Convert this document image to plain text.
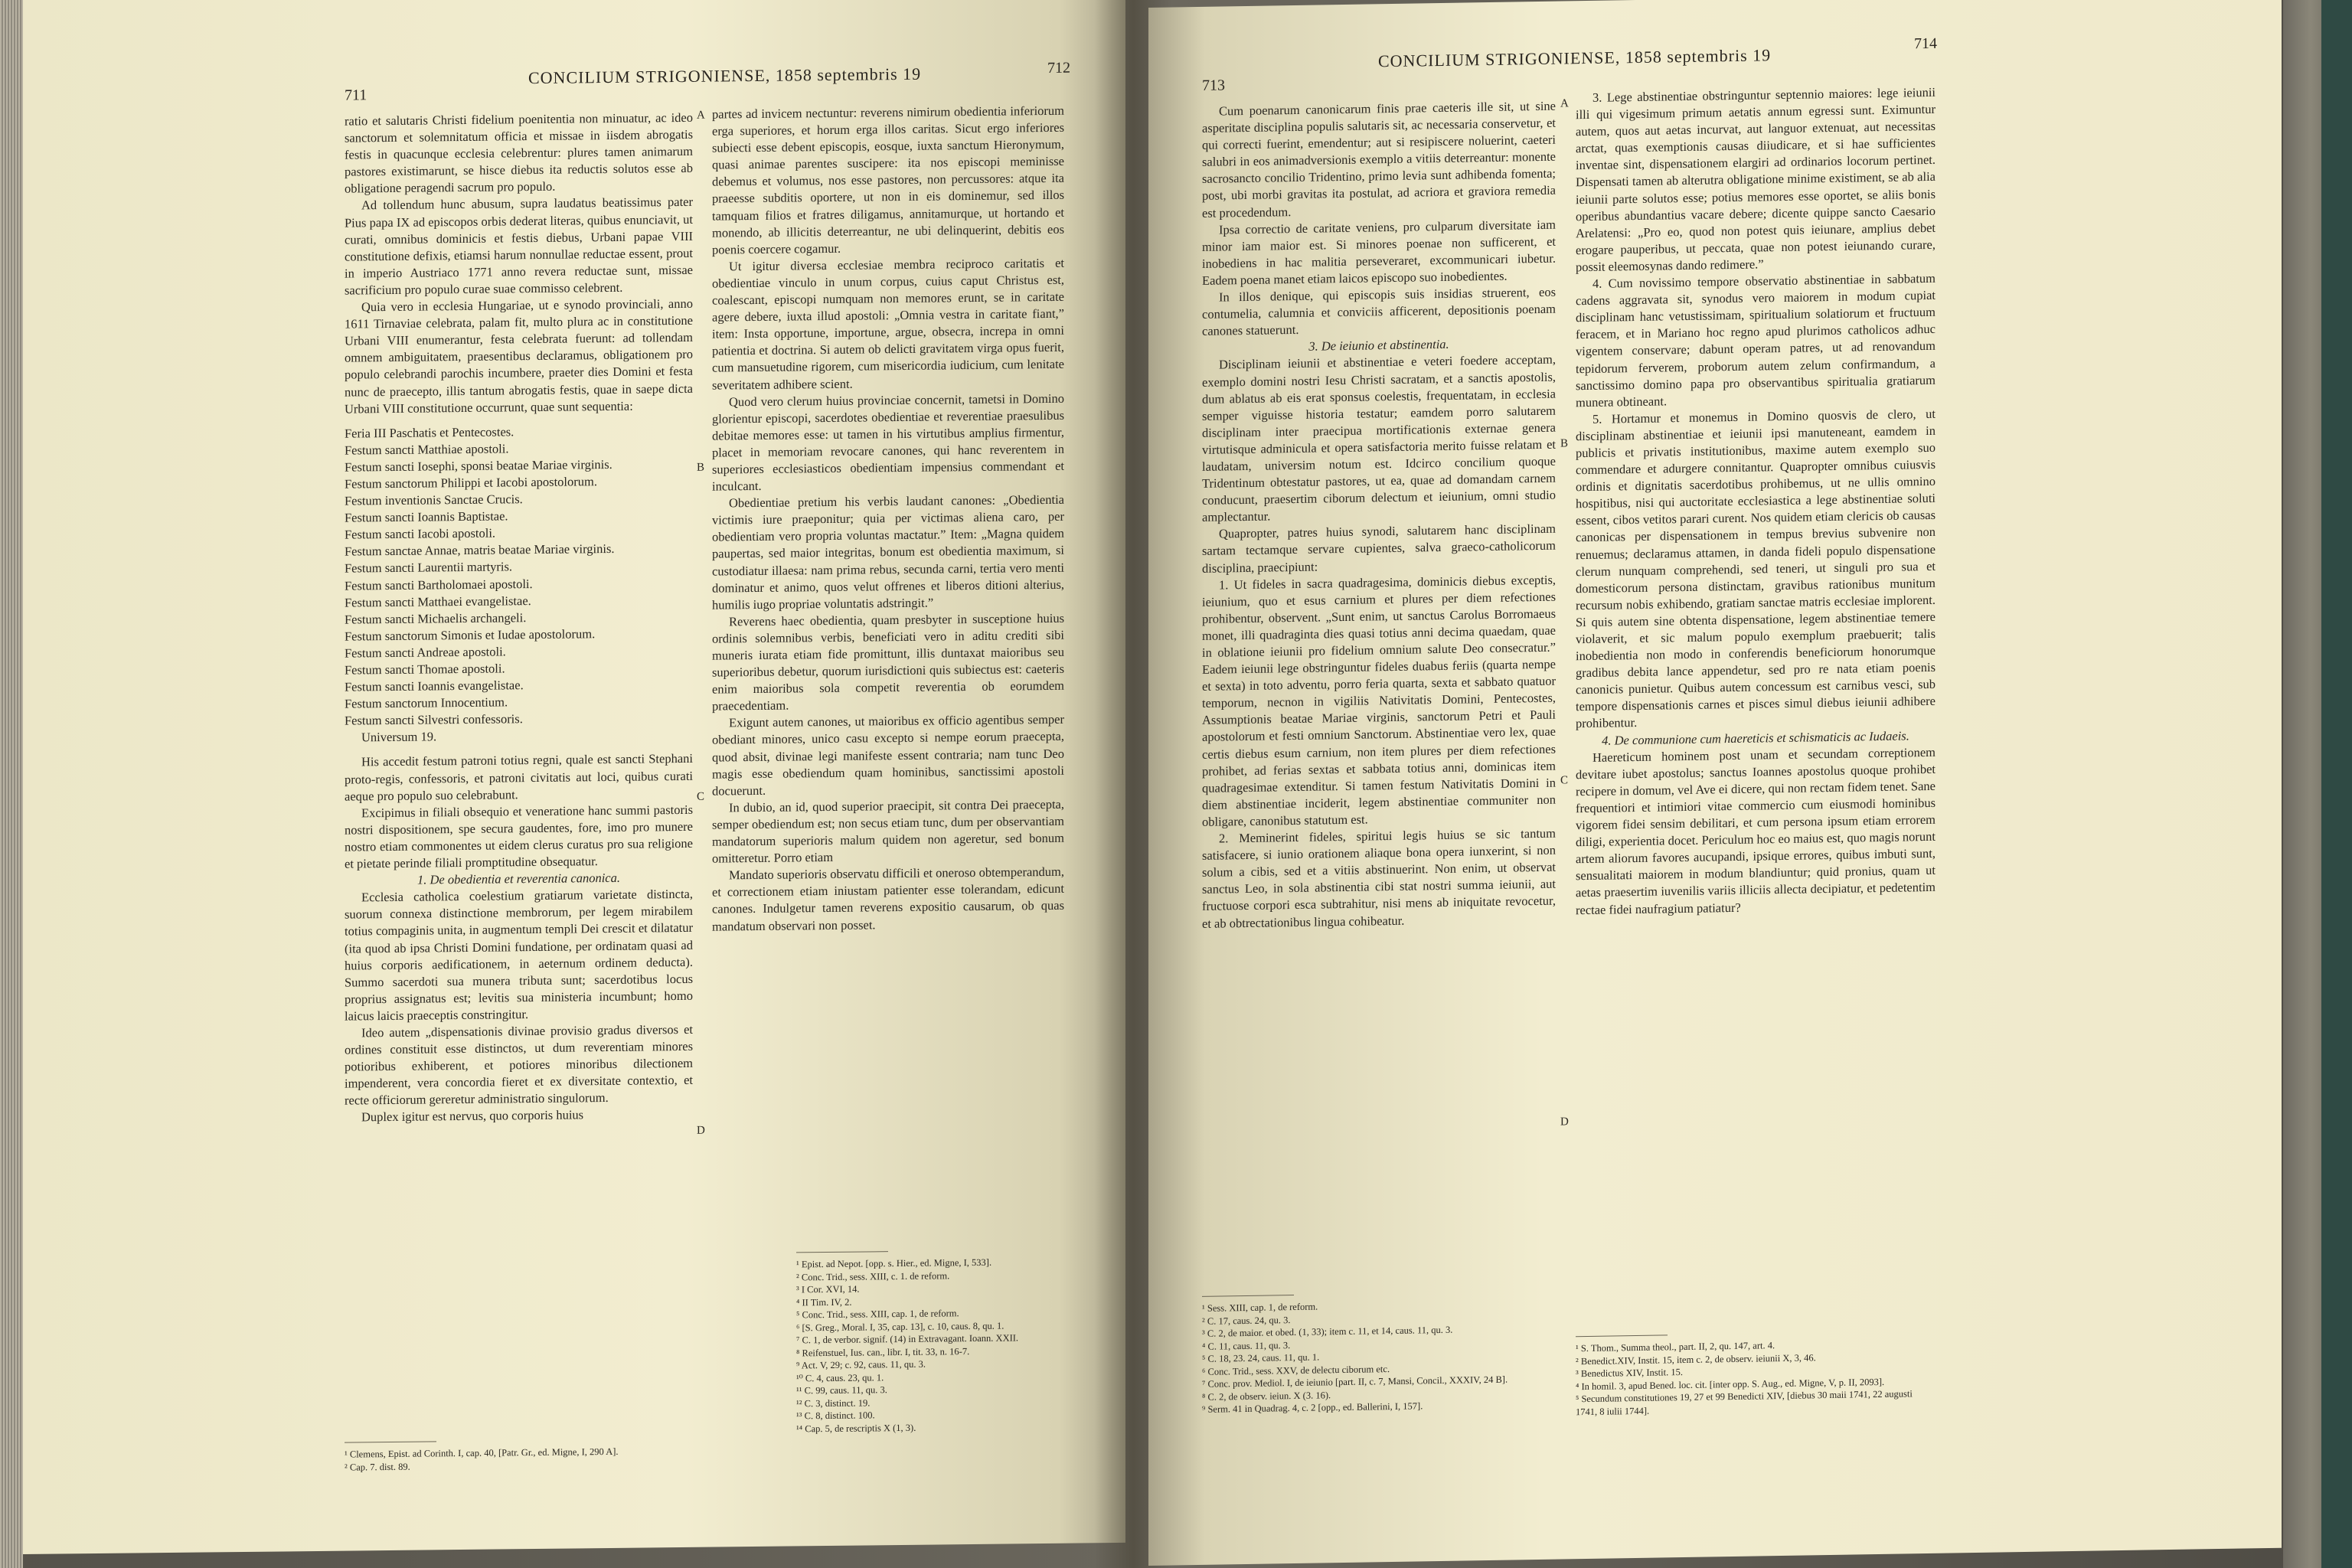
711
CONCILIUM STRIGONIENSE, 1858 septembris 19	712
A
B
C
D

ratio et salutaris Christi fidelium poenitentia non minuatur, ac ideo sanctorum et solemnitatum officia et missae in iisdem abrogatis festis in quacunque ecclesia celebrentur: plures tamen animarum pastores existimarunt, se hisce diebus ita reductis solutos esse ab obligatione peragendi sacrum pro populo.

Ad tollendum hunc abusum, supra laudatus beatissimus pater Pius papa IX ad episcopos orbis dederat literas, quibus enunciavit, ut curati, omnibus dominicis et festis diebus, Urbani papae VIII constitutione defixis, etiamsi harum nonnullae reductae essent, prout in imperio Austriaco 1771 anno revera reductae sunt, missae sacrificium pro populo curae suae commisso celebrent.

Quia vero in ecclesia Hungariae, ut e synodo provinciali, anno 1611 Tirnaviae celebrata, palam fit, multo plura ac in constitutione Urbani VIII enumerantur, festa celebrata fuerunt: ad tollendam omnem ambiguitatem, praesentibus declaramus, obligationem pro populo celebrandi parochis incumbere, praeter dies Domini et festa nunc de praecepto, illis tantum abrogatis festis, quae in saepe dicta Urbani VIII constitutione occurrunt, quae sunt sequentia:

Feria III Paschatis et Pentecostes.
Festum sancti Matthiae apostoli.
Festum sancti Iosephi, sponsi beatae Mariae virginis.
Festum sanctorum Philippi et Iacobi apostolorum.
Festum inventionis Sanctae Crucis.
Festum sancti Ioannis Baptistae.
Festum sancti Iacobi apostoli.
Festum sanctae Annae, matris beatae Mariae virginis.
Festum sancti Laurentii martyris.
Festum sancti Bartholomaei apostoli.
Festum sancti Matthaei evangelistae.
Festum sancti Michaelis archangeli.
Festum sanctorum Simonis et Iudae apostolorum.
Festum sancti Andreae apostoli.
Festum sancti Thomae apostoli.
Festum sancti Ioannis evangelistae.
Festum sanctorum Innocentium.
Festum sancti Silvestri confessoris.
Universum 19.

His accedit festum patroni totius regni, quale est sancti Stephani proto-regis, confessoris, et patroni civitatis aut loci, quibus curati aeque pro populo suo celebrabunt.

Excipimus in filiali obsequio et veneratione hanc summi pastoris nostri dispositionem, spe secura gaudentes, fore, imo pro munere nostro etiam commonentes ut eidem clerus curatus pro sua religione et pietate perinde filiali promptitudine obsequatur.

1. De obedientia et reverentia canonica.

Ecclesia catholica coelestium gratiarum varietate distincta, suorum connexa distinctione membrorum, per legem mirabilem totius compaginis unita, in augmentum templi Dei crescit et dilatatur (ita quod ab ipsa Christi Domini fundatione, per ordinatam quasi ad huius corporis aedificationem, in aeternum ordinem deducta). Summo sacerdoti sua munera tributa sunt; sacerdotibus locus proprius assignatus est; levitis sua ministeria incumbunt; homo laicus laicis praeceptis constringitur.

Ideo autem „dispensationis divinae provisio gradus diversos et ordines constituit esse distinctos, ut dum reverentiam minores potioribus exhiberent, et potiores minoribus dilectionem impenderent, vera concordia fieret et ex diversitate contextio, et recte officiorum gereretur administratio singulorum.

Duplex igitur est nervus, quo corporis huius

¹ Clemens, Epist. ad Corinth. I, cap. 40, [Patr. Gr., ed. Migne, I, 290 A].
² Cap. 7. dist. 89.

partes ad invicem nectuntur: reverens nimirum obedientia inferiorum erga superiores, et horum erga illos caritas. Sicut ergo inferiores subiecti esse debent episcopis, eosque, iuxta sanctum Hieronymum, quasi animae parentes suscipere: ita nos episcopi meminisse debemus et volumus, nos esse pastores, non percussores: atque ita praeesse subditis oportere, ut non in eis dominemur, sed illos tamquam filios et fratres diligamus, annitamurque, ut hortando et monendo, ab illicitis deterreantur, ne ubi delinquerint, debitis eos poenis coercere cogamur.

Ut igitur diversa ecclesiae membra reciproco caritatis et obedientiae vinculo in unum corpus, cuius caput Christus est, coalescant, episcopi numquam non memores erunt, se in caritate agere debere, iuxta illud apostoli: „Omnia vestra in caritate fiant,” item: Insta opportune, importune, argue, obsecra, increpa in omni patientia et doctrina. Si autem ob delicti gravitatem virga opus fuerit, cum mansuetudine rigorem, cum misericordia iudicium, cum lenitate severitatem adhibere scient.

Quod vero clerum huius provinciae concernit, tametsi in Domino glorientur episcopi, sacerdotes obedientiae et reverentiae praesulibus debitae memores esse: ut tamen in his virtutibus amplius firmentur, placet in memoriam revocare canones, qui hanc reverentem in superiores ecclesiasticos obedientiam impensius commendant et inculcant.

Obedientiae pretium his verbis laudant canones: „Obedientia victimis iure praeponitur; quia per victimas aliena caro, per obedientiam vero propria voluntas mactatur.” Item: „Magna quidem paupertas, sed maior integritas, bonum est obedientia maximum, si custodiatur illaesa: nam prima rebus, secunda carni, tertia vero menti dominatur et animo, quos velut offrenes et liberos ditioni alterius, humilis iugo propriae voluntatis adstringit.”

Reverens haec obedientia, quam presbyter in susceptione huius ordinis solemnibus verbis, beneficiati vero in aditu crediti sibi muneris iurata etiam fide promittunt, illis duntaxat maioribus seu superioribus debetur, quorum iurisdictioni quis subiectus est: caeteris enim maioribus sola competit reverentia ob eorumdem praecedentiam.

Exigunt autem canones, ut maioribus ex officio agentibus semper obediant minores, unico casu excepto si nempe eorum praecepta, quod absit, divinae legi manifeste essent contraria; nam tunc Deo magis esse obediendum quam hominibus, sanctissimi apostoli docuerunt.

In dubio, an id, quod superior praecipit, sit contra Dei praecepta, semper obediendum est; non secus etiam tunc, dum per observantiam mandatorum superioris malum quidem non ageretur, sed bonum omitteretur. Porro etiam

Mandato superioris observatu difficili et oneroso obtemperandum, et correctionem etiam iniustam patienter esse tolerandam, edicunt canones. Indulgetur tamen reverens expositio causarum, ob quas mandatum observari non posset.

¹ Epist. ad Nepot. [opp. s. Hier., ed. Migne, I, 533].
² Conc. Trid., sess. XIII, c. 1. de reform.
³ I Cor. XVI, 14.
⁴ II Tim. IV, 2.
⁵ Conc. Trid., sess. XIII, cap. 1, de reform.
⁶ [S. Greg., Moral. I, 35, cap. 13], c. 10, caus. 8, qu. 1.
⁷ C. 1, de verbor. signif. (14) in Extravagant. Ioann. XXII.
⁸ Reifenstuel, Ius. can., libr. I, tit. 33, n. 16-7.
⁹ Act. V, 29; c. 92, caus. 11, qu. 3.
¹⁰ C. 4, caus. 23, qu. 1.
¹¹ C. 99, caus. 11, qu. 3.
¹² C. 3, distinct. 19.
¹³ C. 8, distinct. 100.
¹⁴ Cap. 5, de rescriptis X (1, 3).
713
CONCILIUM STRIGONIENSE, 1858 septembris 19
714
A
B
C
D

Cum poenarum canonicarum finis prae caeteris ille sit, ut sine asperitate disciplina populis salutaris sit, ac necessaria conservetur, et qui correcti fuerint, emendentur; aut si resipiscere noluerint, caeteri salubri in eos animadversionis exemplo a vitiis deterreantur: monente sacrosancto concilio Tridentino, primo levia sunt adhibenda fomenta; post, ubi morbi gravitas ita postulat, ad acriora et graviora remedia est procedendum.

Ipsa correctio de caritate veniens, pro culparum diversitate iam minor iam maior est. Si minores poenae non sufficerent, et inobediens in hac malitia perseveraret, excommunicari iubetur. Eadem poena manet etiam laicos episcopo suo inobedientes.

In illos denique, qui episcopis suis insidias struerent, eos contumelia, calumnia et conviciis afficerent, depositionis poenam canones statuerunt.

3. De ieiunio et abstinentia.

Disciplinam ieiunii et abstinentiae e veteri foedere acceptam, exemplo domini nostri Iesu Christi sacratam, et a sanctis apostolis, dum ablatus ab eis erat sponsus coelestis, frequentatam, in ecclesia semper viguisse historia testatur; eamdem porro salutarem disciplinam inter praecipua mortificationis externae genera virtutisque adminicula et opera satisfactoria merito fuisse relatam et laudatam, universim notum est. Idcirco concilium quoque Tridentinum obtestatur pastores, ut ea, quae ad domandam carnem conducunt, praesertim ciborum delectum et ieiunium, omni studio amplectantur.

Quapropter, patres huius synodi, salutarem hanc disciplinam sartam tectamque servare cupientes, salva graeco-catholicorum disciplina, praecipiunt:

1. Ut fideles in sacra quadragesima, dominicis diebus exceptis, ieiunium, quo et esus carnium et plures per diem refectiones prohibentur, observent. „Sunt enim, ut sanctus Carolus Borromaeus monet, illi quadraginta dies quasi totius anni decima quaedam, quae in oblatione ieiunii pro fidelium omnium salute Deo consecratur.” Eadem ieiunii lege obstringuntur fideles duabus feriis (quarta nempe et sexta) in toto adventu, porro feria quarta, sexta et sabbato quatuor temporum, necnon in vigiliis Nativitatis Domini, Pentecostes, Assumptionis beatae Mariae virginis, sanctorum Petri et Pauli apostolorum et festi omnium Sanctorum. Abstinentiae vero lex, quae certis diebus esum carnium, non item plures per diem refectiones prohibet, ad ferias sextas et sabbata totius anni, dominicas item quadragesimae extenditur. Si tamen festum Nativitatis Domini in diem abstinentiae inciderit, legem abstinentiae communiter non obligare, canonibus statutum est.

2. Meminerint fideles, spiritui legis huius se sic tantum satisfacere, si iunio orationem aliaque bona opera iunxerint, si non solum a cibis, sed et a vitiis abstinuerint. Non enim, ut observat sanctus Leo, in sola abstinentia cibi stat nostri summa ieiunii, aut fructuose corpori esca subtrahitur, nisi mens ab iniquitate revocetur, et ab obtrectationibus lingua cohibeatur.

¹ Sess. XIII, cap. 1, de reform.
² C. 17, caus. 24, qu. 3.
³ C. 2, de maior. et obed. (1, 33); item c. 11, et 14, caus. 11, qu. 3.
⁴ C. 11, caus. 11, qu. 3.
⁵ C. 18, 23. 24, caus. 11, qu. 1.
⁶ Conc. Trid., sess. XXV, de delectu ciborum etc.
⁷ Conc. prov. Mediol. I, de ieiunio [part. II, c. 7, Mansi, Concil., XXXIV, 24 B].
⁸ C. 2, de observ. ieiun. X (3. 16).
⁹ Serm. 41 in Quadrag. 4, c. 2 [opp., ed. Ballerini, I, 157].

3. Lege abstinentiae obstringuntur septennio maiores: lege ieiunii illi qui vigesimum primum aetatis annum egressi sunt. Eximuntur autem, quos aut aetas incurvat, aut languor extenuat, aut necessitas arctat, quas exemptionis causas diiudicare, et si hae sufficientes inventae sint, dispensationem elargiri ad ordinarios locorum pertinet. Dispensati tamen ab alterutra obligatione minime existiment, se ab alia ieiunii parte solutos esse; potius memores esse oportet, se aliis bonis operibus abundantius vacare debere; dicente quippe sancto Caesario Arelatensi: „Pro eo, quod non potest quis ieiunare, amplius debet erogare pauperibus, ut peccata, quae non potest ieiunando curare, possit eleemosynas dando redimere.”

4. Cum novissimo tempore observatio abstinentiae in sabbatum cadens aggravata sit, synodus vero maiorem in modum cupiat disciplinam hanc vetustissimam, spiritualium solatiorum et fructuum feracem, et in Mariano hoc regno apud plurimos catholicos adhuc vigentem conservare; dabunt operam patres, ut ad renovandum tepidorum ferverem, proborum autem zelum confirmandum, a sanctissimo domino papa pro observantibus spiritualia gratiarum munera obtineant.

5. Hortamur et monemus in Domino quosvis de clero, ut disciplinam abstinentiae et ieiunii ipsi manuteneant, eamdem in publicis et privatis institutionibus, maxime autem exemplo suo commendare et adurgere connitantur. Quapropter omnibus cuiusvis ordinis et dignitatis sacerdotibus prohibemus, ut ne ullis omnino hospitibus, nisi qui auctoritate ecclesiastica a lege abstinentiae soluti essent, cibos vetitos parari curent. Nos quidem etiam clericis ob causas canonicas per dispensationem in tempus brevius subvenire non renuemus; declaramus attamen, in danda fideli populo dispensatione clerum nunquam comprehendi, sed teneri, ut singuli pro sua et domesticorum persona distinctam, gravibus rationibus munitum recursum nobis exhibendo, gratiam sanctae matris ecclesiae implorent. Si quis autem sine obtenta dispensatione, legem abstinentiae temere violaverit, et sic malum populo exemplum praebuerit; talis inobedientia non modo in conferendis beneficiorum honorumque gradibus debita lance appendetur, sed pro re nata etiam poenis canonicis punietur. Quibus autem concessum est carnibus vesci, sub tempore dispensationis carnes et pisces simul diebus ieiunii adhibere prohibentur.

4. De communione cum haereticis et schismaticis ac Iudaeis.

Haereticum hominem post unam et secundam correptionem devitare iubet apostolus; sanctus Ioannes apostolus quoque prohibet recipere in domum, vel Ave ei dicere, qui non rectam fidem tenet. Sane frequentiori et intimiori vitae commercio cum eiusmodi hominibus vigorem fidei sensim debilitari, et cum persona ipsum etiam errorem diligi, experientia docet. Periculum hoc eo maius est, quo magis norunt artem aliorum favores aucupandi, ipsique errores, quibus imbuti sunt, sensualitati maiorem in modum blandiuntur; quid pronius, quam ut aetas praesertim iuvenilis variis illiciis allecta decipiatur, et pedetentim rectae fidei naufragium patiatur?

¹ S. Thom., Summa theol., part. II, 2, qu. 147, art. 4.
² Benedict.XIV, Instit. 15, item c. 2, de observ. ieiunii X, 3, 46.
³ Benedictus XIV, Instit. 15.
⁴ In homil. 3, apud Bened. loc. cit. [inter opp. S. Aug., ed. Migne, V, p. II, 2093].
⁵ Secundum constitutiones 19, 27 et 99 Benedicti XIV, [diebus 30 maii 1741, 22 augusti 1741, 8 iulii 1744].
